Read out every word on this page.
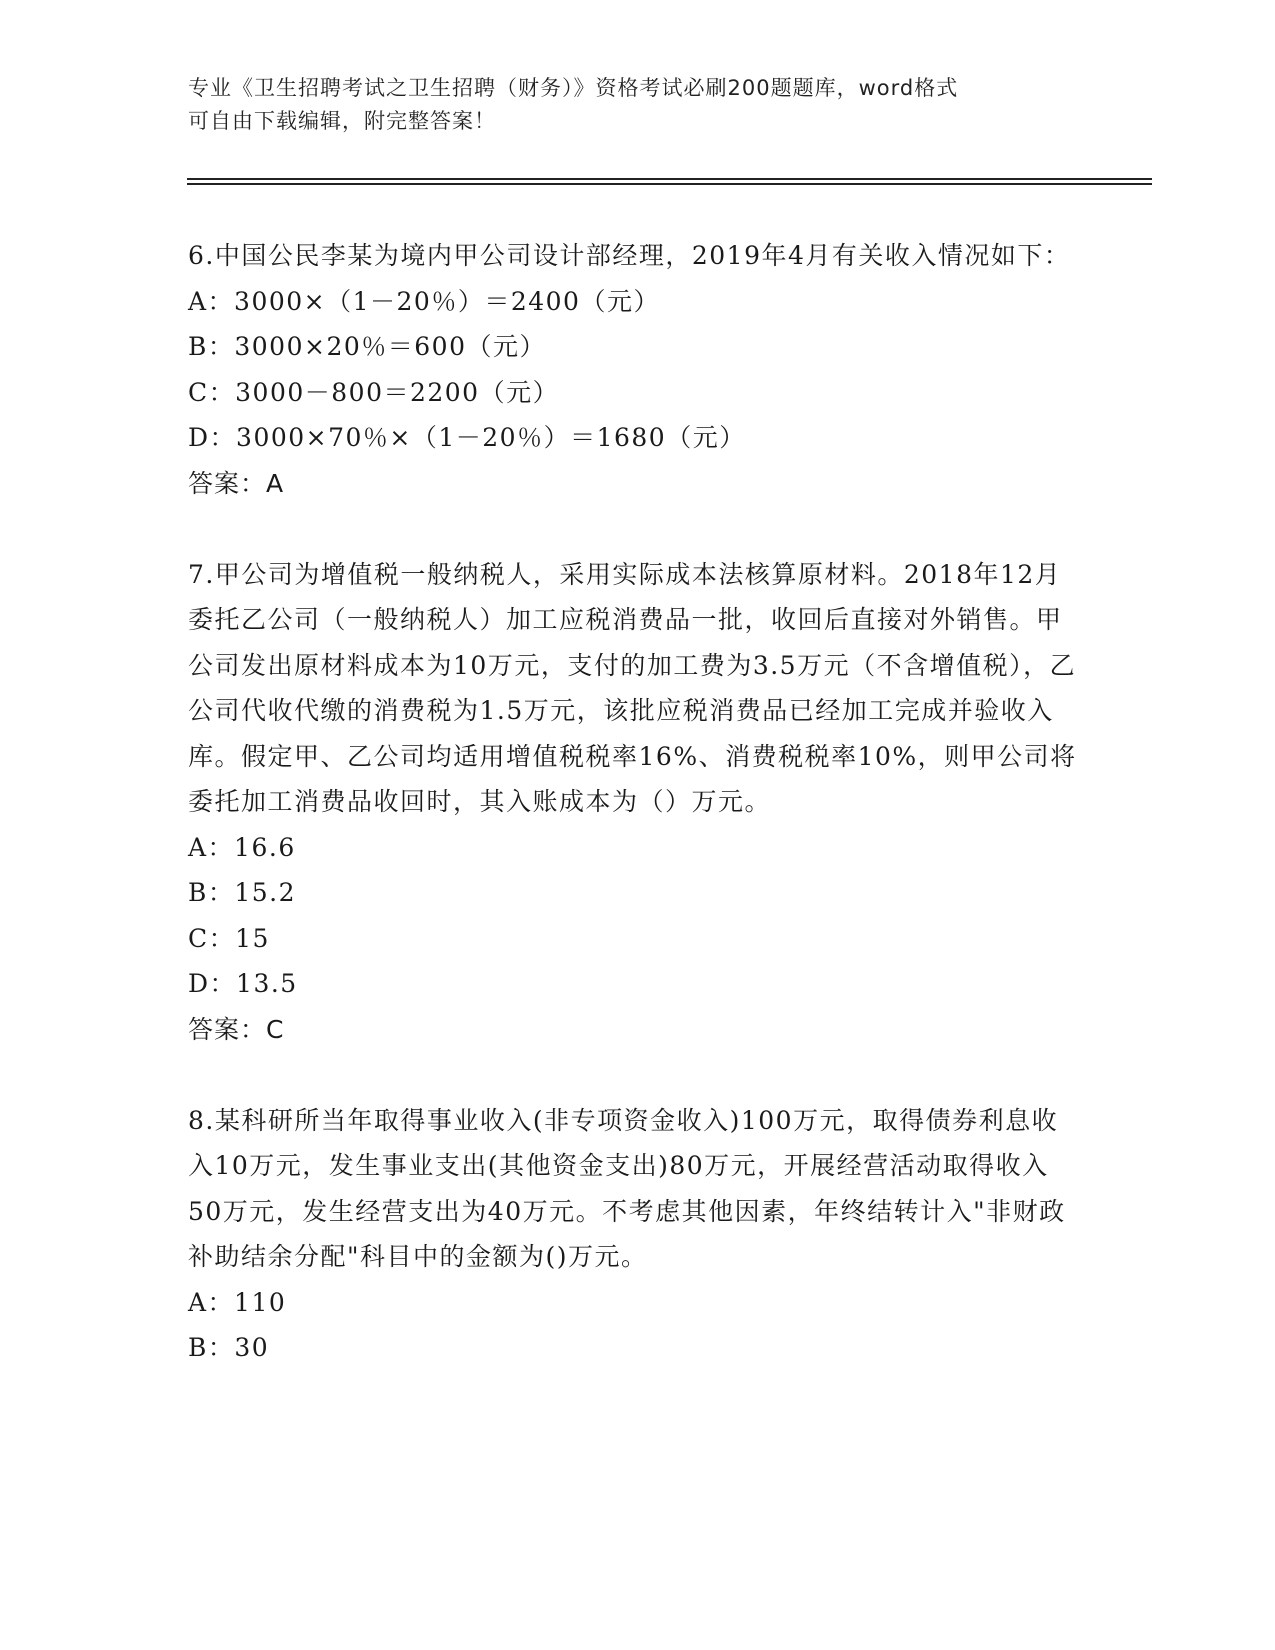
专业《卫生招聘考试之卫生招聘（财务）》资格考试必刷200题题库，word格式
可自由下载编辑，附完整答案！

6.中国公民李某为境内甲公司设计部经理，2019年4月有关收入情况如下：

A：3000×（1－20％）＝2400（元）
B：3000×20％＝600（元）
C：3000－800＝2200（元）
D：3000×70％×（1－20％）＝1680（元）
答案：A

7.甲公司为增值税一般纳税人，采用实际成本法核算原材料。2018年12月委托乙公司（一般纳税人）加工应税消费品一批，收回后直接对外销售。甲公司发出原材料成本为10万元，支付的加工费为3.5万元（不含增值税），乙公司代收代缴的消费税为1.5万元，该批应税消费品已经加工完成并验收入库。假定甲、乙公司均适用增值税税率16%、消费税税率10%，则甲公司将委托加工消费品收回时，其入账成本为（）万元。

A：16.6
B：15.2
C：15
D：13.5
答案：C

8.某科研所当年取得事业收入(非专项资金收入)100万元，取得债券利息收入10万元，发生事业支出(其他资金支出)80万元，开展经营活动取得收入50万元，发生经营支出为40万元。不考虑其他因素，年终结转计入"非财政补助结余分配"科目中的金额为()万元。

A：110
B：30
